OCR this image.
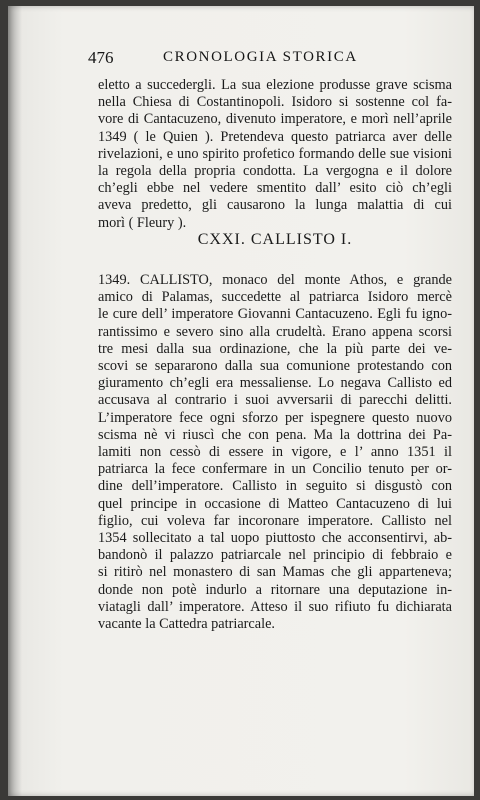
476	CRONOLOGIA STORICA
eletto a succedergli. La sua elezione produsse grave scisma
nella Chiesa di Costantinopoli. Isidoro si sostenne col fa-
vore di Cantacuzeno, divenuto imperatore, e morì nell’aprile
1349 ( le Quien ). Pretendeva questo patriarca aver delle
rivelazioni, e uno spirito profetico formando delle sue visioni
la regola della propria condotta. La vergogna e il dolore
ch’egli ebbe nel vedere smentito dall’ esito ciò ch’egli
aveva predetto, gli causarono la lunga malattia di cui
morì ( Fleury ).
CXXI. CALLISTO I.
1349. CALLISTO, monaco del monte Athos, e grande
amico di Palamas, succedette al patriarca Isidoro mercè
le cure dell’ imperatore Giovanni Cantacuzeno. Egli fu igno-
rantissimo e severo sino alla crudeltà. Erano appena scorsi
tre mesi dalla sua ordinazione, che la più parte dei ve-
scovi se separarono dalla sua comunione protestando con
giuramento ch’egli era messaliense. Lo negava Callisto ed
accusava al contrario i suoi avversarii di parecchi delitti.
L’imperatore fece ogni sforzo per ispegnere questo nuovo
scisma nè vi riuscì che con pena. Ma la dottrina dei Pa-
lamiti non cessò di essere in vigore, e l’ anno 1351 il
patriarca la fece confermare in un Concilio tenuto per or-
dine dell’imperatore. Callisto in seguito si disgustò con
quel principe in occasione di Matteo Cantacuzeno di lui
figlio, cui voleva far incoronare imperatore. Callisto nel
1354 sollecitato a tal uopo piuttosto che acconsentirvi, ab-
bandonò il palazzo patriarcale nel principio di febbraio e
si ritirò nel monastero di san Mamas che gli apparteneva;
donde non potè indurlo a ritornare una deputazione in-
viatagli dall’ imperatore. Atteso il suo rifiuto fu dichiarata
vacante la Cattedra patriarcale.
